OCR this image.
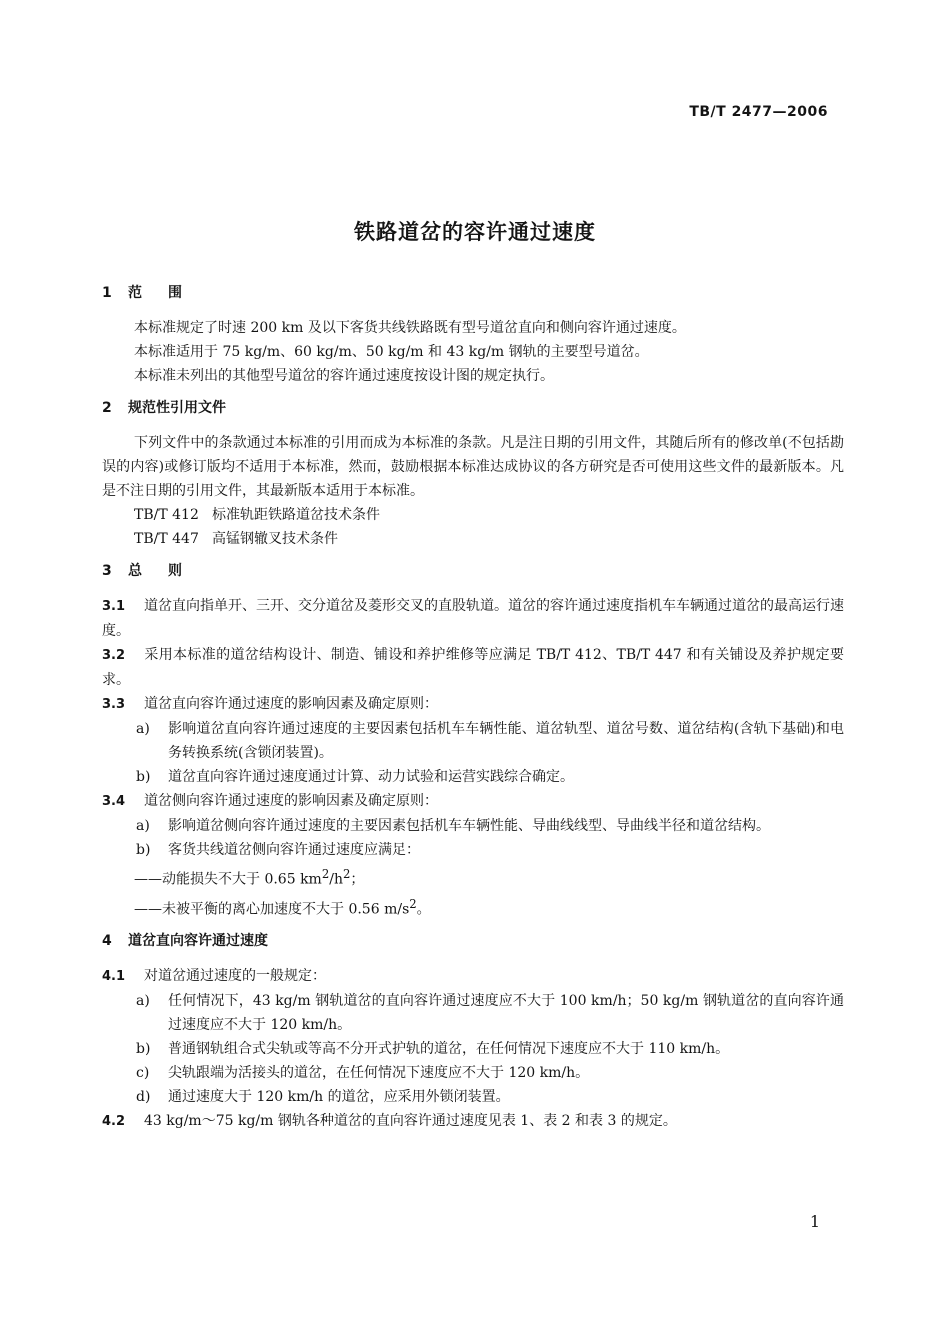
TB/T 2477—2006
铁路道岔的容许通过速度
1 范围

本标准规定了时速 200 km 及以下客货共线铁路既有型号道岔直向和侧向容许通过速度。

本标准适用于 75 kg/m、60 kg/m、50 kg/m 和 43 kg/m 钢轨的主要型号道岔。

本标准未列出的其他型号道岔的容许通过速度按设计图的规定执行。

2 规范性引用文件

下列文件中的条款通过本标准的引用而成为本标准的条款。凡是注日期的引用文件，其随后所有的修改单(不包括勘误的内容)或修订版均不适用于本标准，然而，鼓励根据本标准达成协议的各方研究是否可使用这些文件的最新版本。凡是不注日期的引用文件，其最新版本适用于本标准。

TB/T 412 标准轨距铁路道岔技术条件

TB/T 447 高锰钢辙叉技术条件

3 总则

3.1 道岔直向指单开、三开、交分道岔及菱形交叉的直股轨道。道岔的容许通过速度指机车车辆通过道岔的最高运行速度。

3.2 采用本标准的道岔结构设计、制造、铺设和养护维修等应满足 TB/T 412、TB/T 447 和有关铺设及养护规定要求。

3.3 道岔直向容许通过速度的影响因素及确定原则：

a) 影响道岔直向容许通过速度的主要因素包括机车车辆性能、道岔轨型、道岔号数、道岔结构(含轨下基础)和电务转换系统(含锁闭装置)。

b) 道岔直向容许通过速度通过计算、动力试验和运营实践综合确定。

3.4 道岔侧向容许通过速度的影响因素及确定原则：

a) 影响道岔侧向容许通过速度的主要因素包括机车车辆性能、导曲线线型、导曲线半径和道岔结构。

b) 客货共线道岔侧向容许通过速度应满足：

——动能损失不大于 0.65 $km^2/h^2$；

——未被平衡的离心加速度不大于 0.56 $m/s^2$。

4 道岔直向容许通过速度

4.1 对道岔通过速度的一般规定：

a) 任何情况下，43 kg/m 钢轨道岔的直向容许通过速度应不大于 100 km/h；50 kg/m 钢轨道岔的直向容许通过速度应不大于 120 km/h。

b) 普通钢轨组合式尖轨或等高不分开式护轨的道岔，在任何情况下速度应不大于 110 km/h。

c) 尖轨跟端为活接头的道岔，在任何情况下速度应不大于 120 km/h。

d) 通过速度大于 120 km/h 的道岔，应采用外锁闭装置。

4.2 43 kg/m～75 kg/m 钢轨各种道岔的直向容许通过速度见表 1、表 2 和表 3 的规定。

1
